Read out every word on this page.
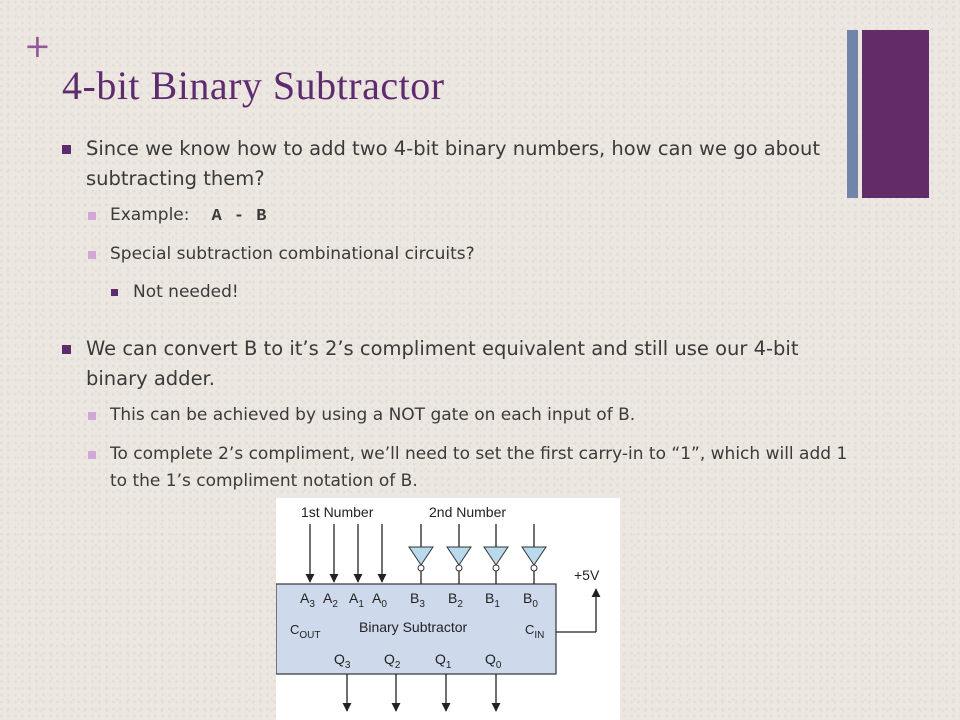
+
4-bit Binary Subtractor
Since we know how to add two 4-bit binary numbers, how can we go about subtracting them?
Example: A - B
Special subtraction combinational circuits?
Not needed!
We can convert B to it’s 2’s compliment equivalent and still use our 4-bit binary adder.
This can be achieved by using a NOT gate on each input of B.
To complete 2’s compliment, we’ll need to set the first carry-in to “1”, which will add 1 to the 1’s compliment notation of B.
1st Number	2nd Number
+5V
$A_3$ $A_2$ $A_1$ $A_0$ $B_3$ $B_2$ $B_1$ $B_0$
$C_{OUT}$
Binary Subtractor	$C_{IN}$
$Q_3$ $Q_2$ $Q_1$ $Q_0$
